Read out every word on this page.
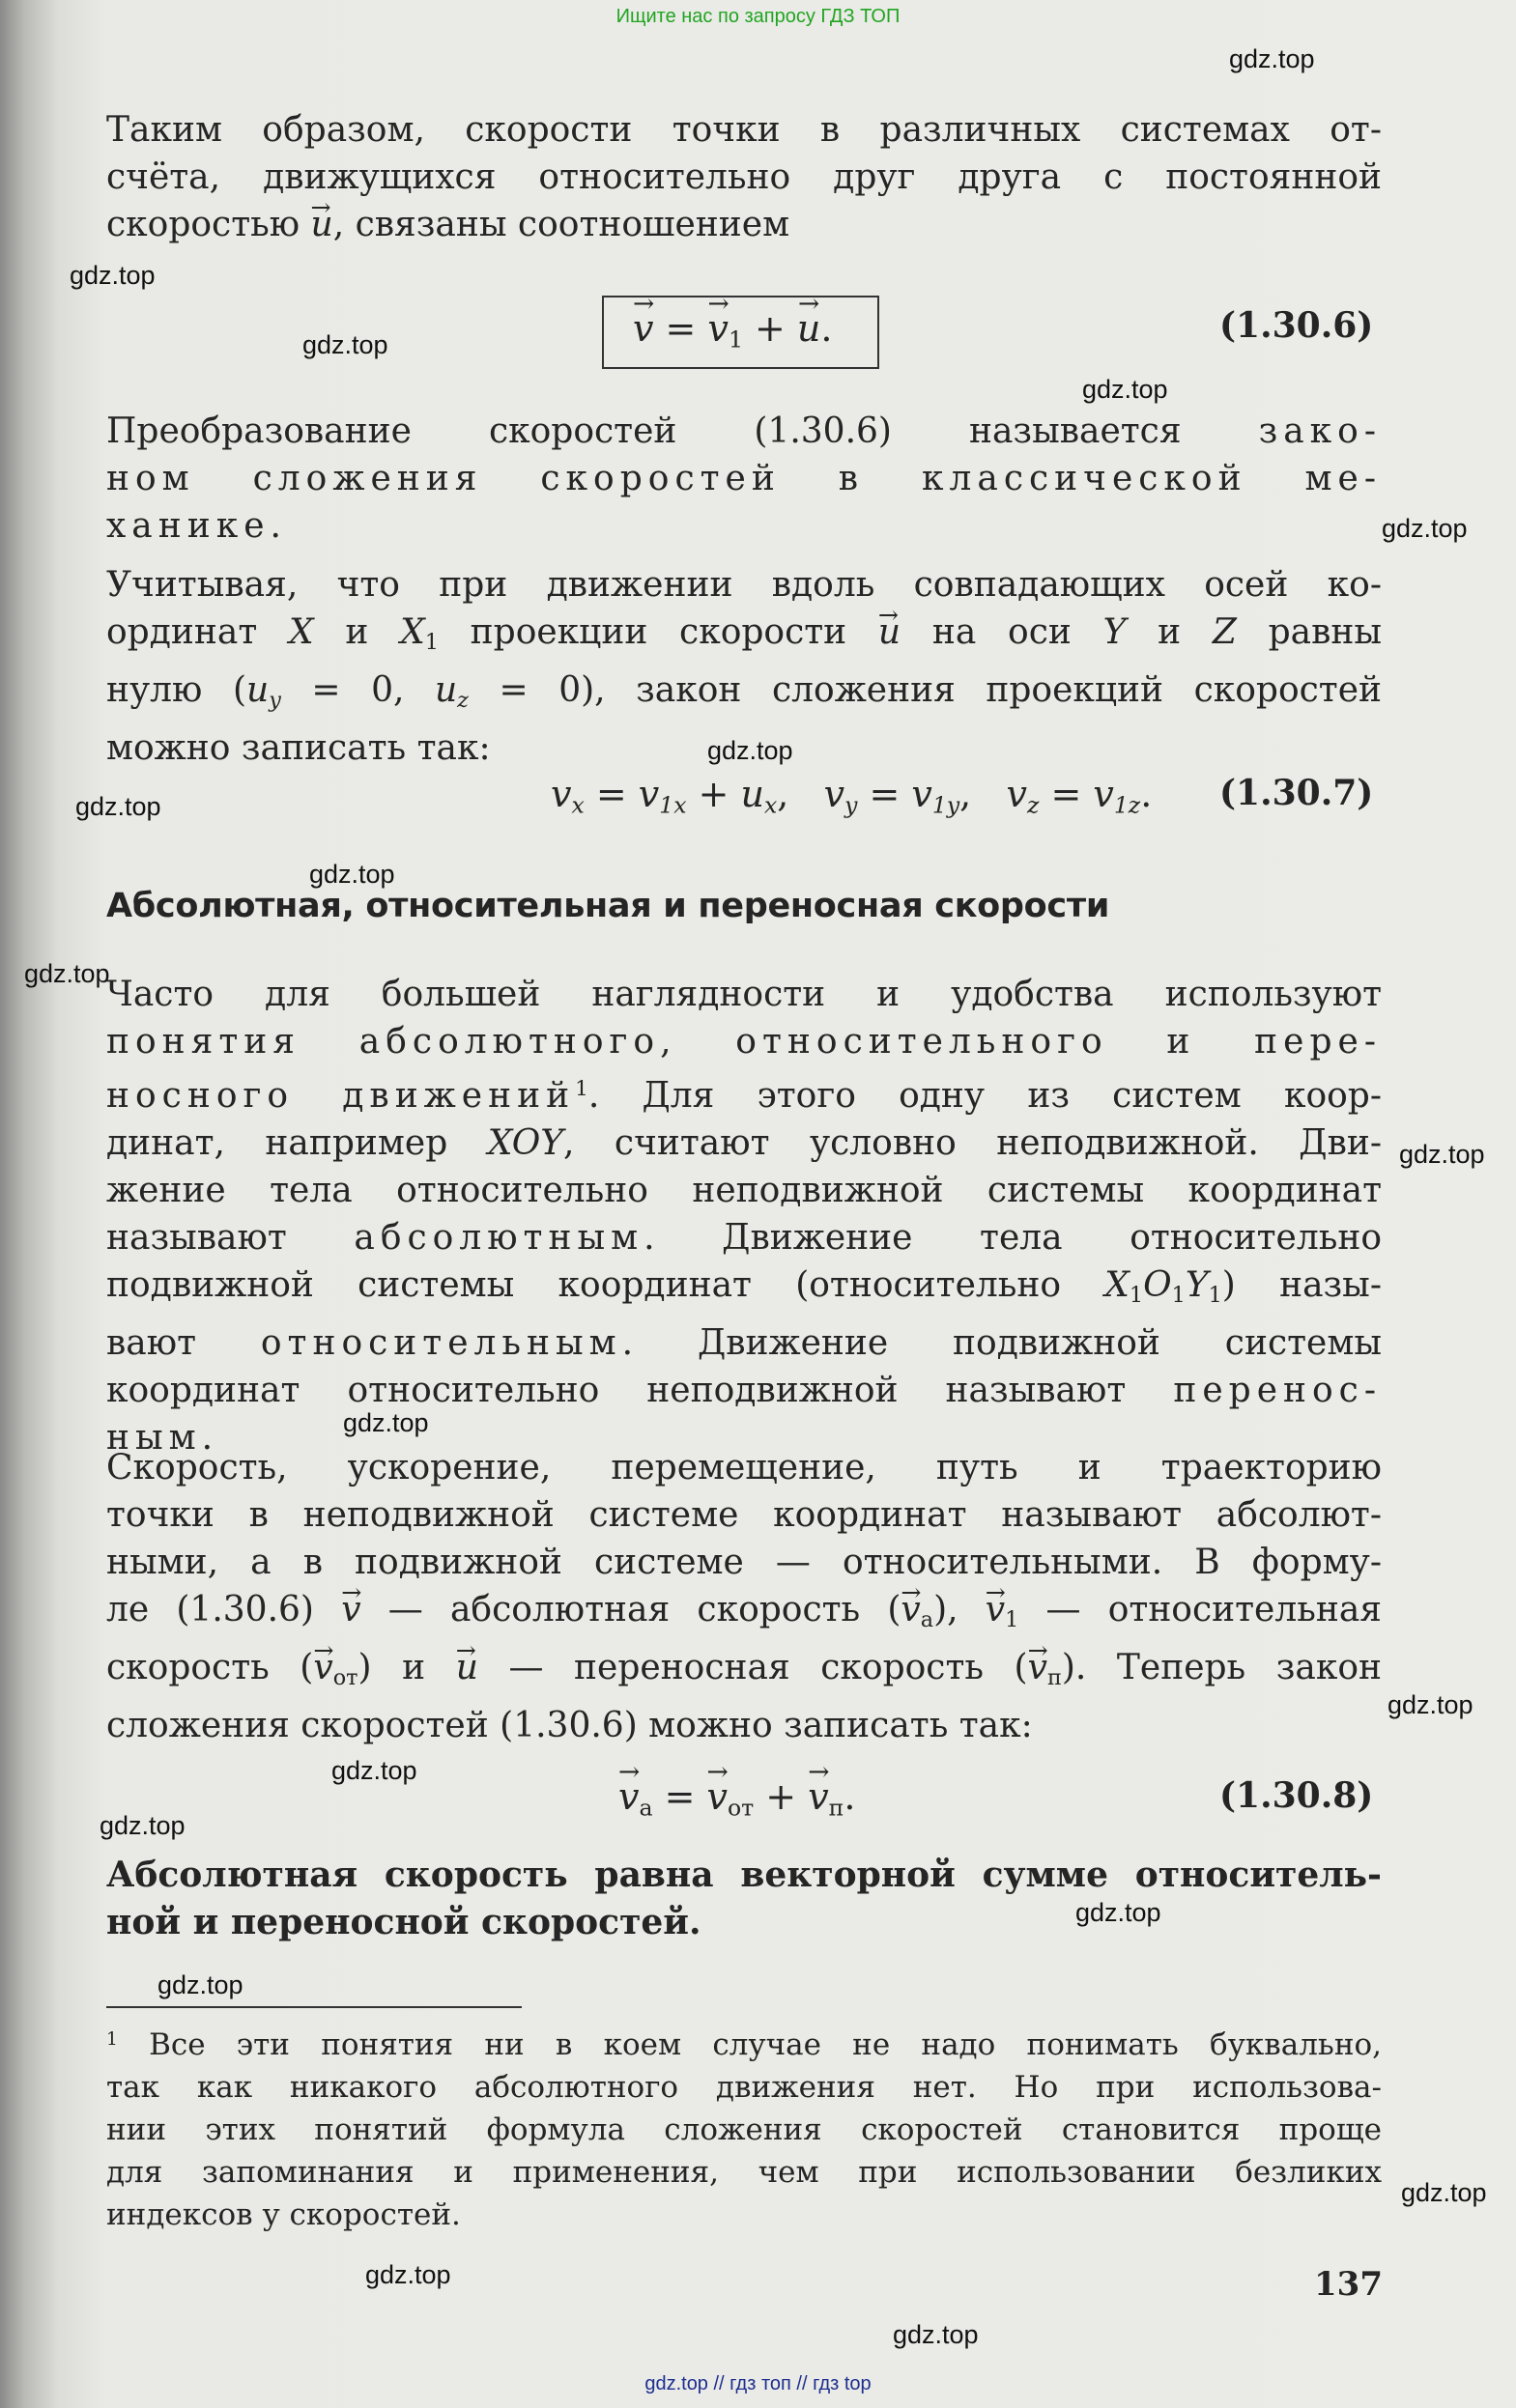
Ищите нас по запросу ГДЗ ТОП
gdz.top
gdz.top
gdz.top
gdz.top
gdz.top
gdz.top
gdz.top
gdz.top
gdz.top
gdz.top
gdz.top
gdz.top
gdz.top
gdz.top
gdz.top
gdz.top
gdz.top
gdz.top
gdz.top
Таким образом, скорости точки в различных системах от-
счёта, движущихся относительно друг друга с постоянной
скоростью → u, связаны соотношением
→ v = → $v_1$ + → u.	(1.30.6)
Преобразование скоростей (1.30.6) называется зако-
ном сложения скоростей в классической ме-
ханике.
Учитывая, что при движении вдоль совпадающих осей ко-
ординат X и $X_1$ проекции скорости → u на оси Y и Z равны
нулю ($u_y = 0$, $u_z = 0$), закон сложения проекций скоростей
можно записать так:
$v_x = v_{1x} + u_x$, $v_y = v_{1y}$, $v_z = v_{1z}$. (1.30.7)
Абсолютная, относительная и переносная скорости
Часто для большей наглядности и удобства используют
понятия абсолютного, относительного и пере-
носного движений$^1$. Для этого одну из систем коор-
динат, например XOY, считают условно неподвижной. Дви-
жение тела относительно неподвижной системы координат
называют абсолютным. Движение тела относительно
подвижной системы координат (относительно $X_1O_1Y_1$) назы-
вают относительным. Движение подвижной системы
координат относительно неподвижной называют перенос-
ным.
Скорость, ускорение, перемещение, путь и траекторию
точки в неподвижной системе координат называют абсолют-
ными, а в подвижной системе — относительными. В форму-
ле (1.30.6) → v — абсолютная скорость (→ $v_а$), → $v_1$ — относительная
скорость (→ $v_{от}$) и → u — переносная скорость (→ $v_п$). Теперь закон
сложения скоростей (1.30.6) можно записать так:
→ $v_а$ = → $v_{от}$ + → $v_п$.	(1.30.8)
Абсолютная скорость равна векторной сумме относитель-
ной и переносной скоростей.
$^1$ Все эти понятия ни в коем случае не надо понимать буквально,
так как никакого абсолютного движения нет. Но при использова-
нии этих понятий формула сложения скоростей становится проще
для запоминания и применения, чем при использовании безликих
индексов у скоростей.
137
gdz.top // гдз топ // гдз top
